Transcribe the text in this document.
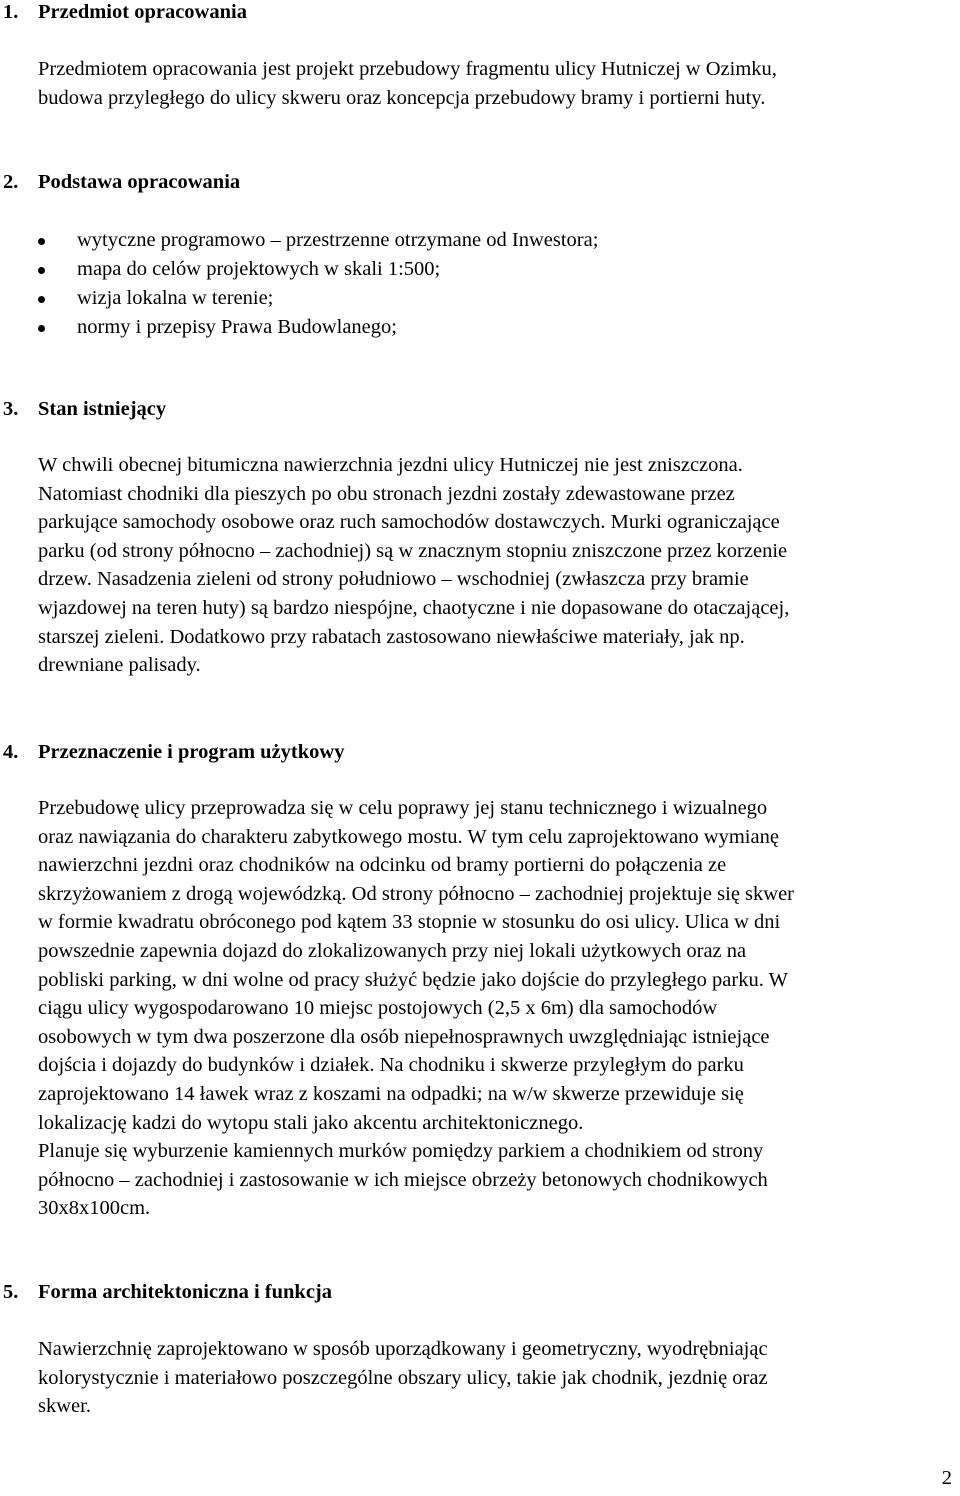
1. Przedmiot opracowania
Przedmiotem opracowania jest projekt przebudowy fragmentu ulicy Hutniczej w Ozimku,
budowa przyległego do ulicy skweru oraz koncepcja przebudowy bramy i portierni huty.
2. Podstawa opracowania
wytyczne programowo – przestrzenne otrzymane od Inwestora;
mapa do celów projektowych w skali 1:500;
wizja lokalna w terenie;
normy i przepisy Prawa Budowlanego;
3. Stan istniejący
W chwili obecnej bitumiczna nawierzchnia jezdni ulicy Hutniczej nie jest zniszczona.
Natomiast chodniki dla pieszych po obu stronach jezdni zostały zdewastowane przez
parkujące samochody osobowe oraz ruch samochodów dostawczych. Murki ograniczające
parku (od strony północno – zachodniej) są w znacznym stopniu zniszczone przez korzenie
drzew. Nasadzenia zieleni od strony południowo – wschodniej (zwłaszcza przy bramie
wjazdowej na teren huty) są bardzo niespójne, chaotyczne i nie dopasowane do otaczającej,
starszej zieleni. Dodatkowo przy rabatach zastosowano niewłaściwe materiały, jak np.
drewniane palisady.
4. Przeznaczenie i program użytkowy
Przebudowę ulicy przeprowadza się w celu poprawy jej stanu technicznego i wizualnego
oraz nawiązania do charakteru zabytkowego mostu. W tym celu zaprojektowano wymianę
nawierzchni jezdni oraz chodników na odcinku od bramy portierni do połączenia ze
skrzyżowaniem z drogą wojewódzką. Od strony północno – zachodniej projektuje się skwer
w formie kwadratu obróconego pod kątem 33 stopnie w stosunku do osi ulicy. Ulica w dni
powszednie zapewnia dojazd do zlokalizowanych przy niej lokali użytkowych oraz na
pobliski parking, w dni wolne od pracy służyć będzie jako dojście do przyległego parku. W
ciągu ulicy wygospodarowano 10 miejsc postojowych (2,5 x 6m) dla samochodów
osobowych w tym dwa poszerzone dla osób niepełnosprawnych uwzględniając istniejące
dojścia i dojazdy do budynków i działek. Na chodniku i skwerze przyległym do parku
zaprojektowano 14 ławek wraz z koszami na odpadki; na w/w skwerze przewiduje się
lokalizację kadzi do wytopu stali jako akcentu architektonicznego.
Planuje się wyburzenie kamiennych murków pomiędzy parkiem a chodnikiem od strony
północno – zachodniej i zastosowanie w ich miejsce obrzeży betonowych chodnikowych
30x8x100cm.
5. Forma architektoniczna i funkcja
Nawierzchnię zaprojektowano w sposób uporządkowany i geometryczny, wyodrębniając
kolorystycznie i materiałowo poszczególne obszary ulicy, takie jak chodnik, jezdnię oraz
skwer.
2
